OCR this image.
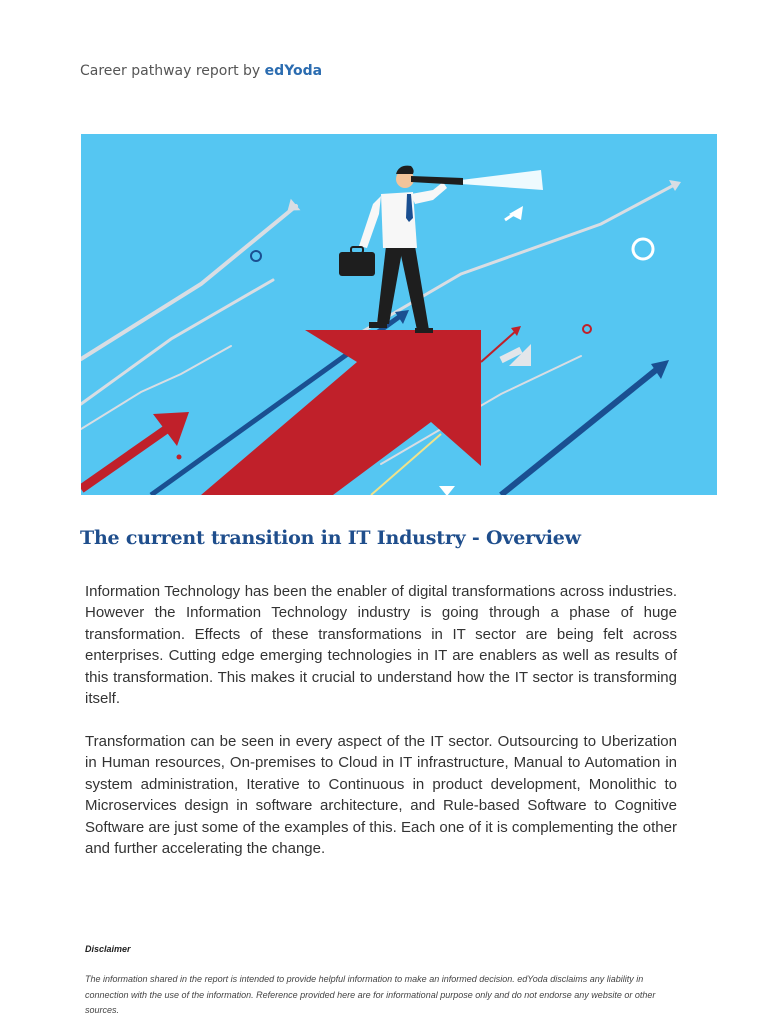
Career pathway report by edYoda
The current transition in IT Industry - Overview

Information Technology has been the enabler of digital transformations across industries. However the Information Technology industry is going through a phase of huge transformation. Effects of these transformations in IT sector are being felt across enterprises. Cutting edge emerging technologies in IT are enablers as well as results of this transformation. This makes it crucial to understand how the IT sector is transforming itself.

Transformation can be seen in every aspect of the IT sector. Outsourcing to Uberization in Human resources, On-premises to Cloud in IT infrastructure, Manual to Automation in system administration, Iterative to Continuous in product development, Monolithic to Microservices design in software architecture, and Rule-based Software to Cognitive Software are just some of the examples of this. Each one of it is complementing the other and further accelerating the change.

Disclaimer
The information shared in the report is intended to provide helpful information to make an informed decision. edYoda disclaims any liability in connection with the use of the information. Reference provided here are for informational purpose only and do not endorse any website or other sources.
